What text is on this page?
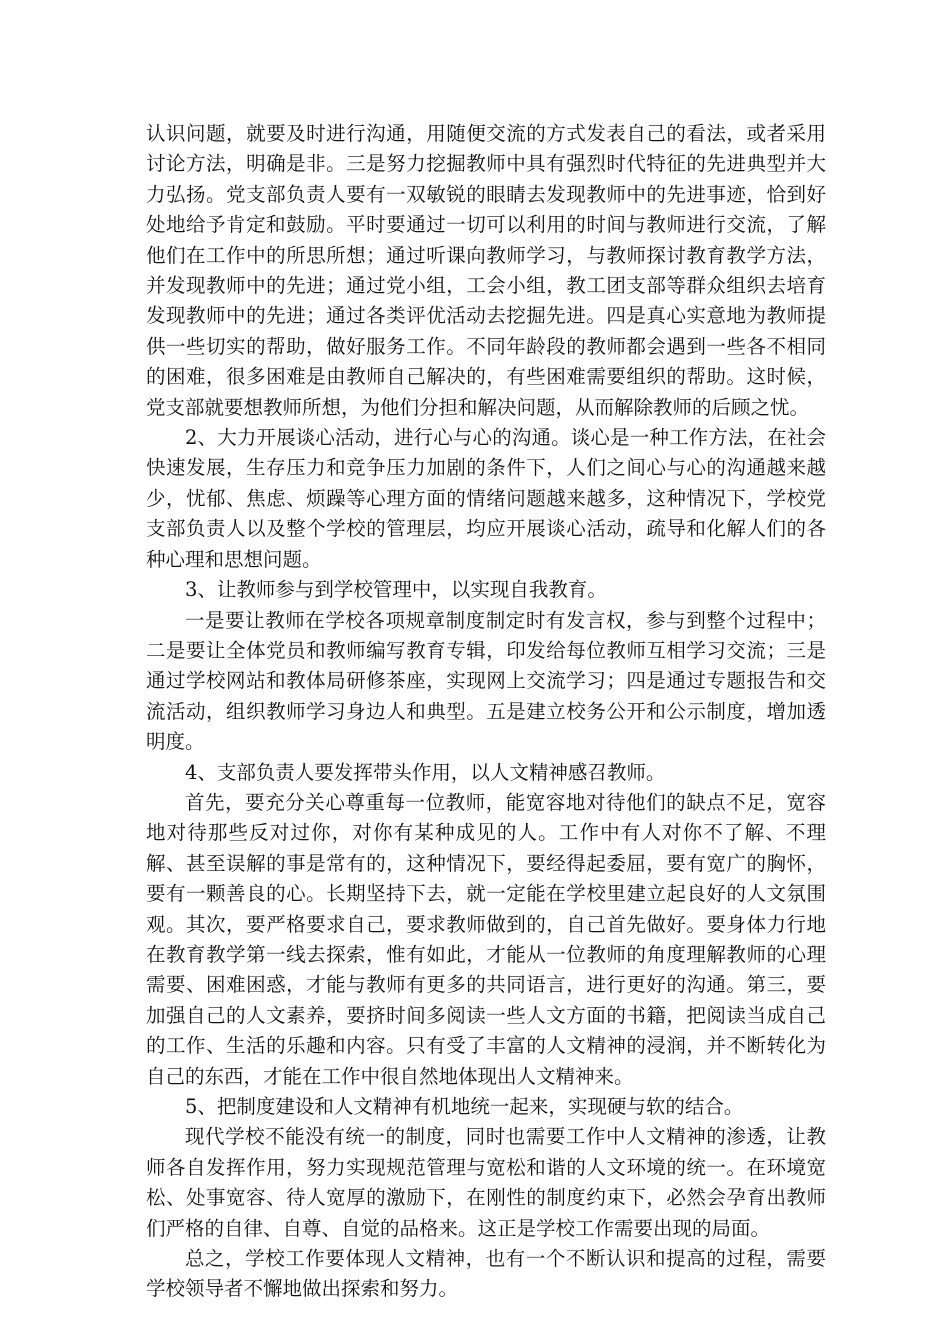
认识问题，就要及时进行沟通，用随便交流的方式发表自己的看法，或者采用讨论方法，明确是非。三是努力挖掘教师中具有强烈时代特征的先进典型并大力弘扬。党支部负责人要有一双敏锐的眼睛去发现教师中的先进事迹，恰到好处地给予肯定和鼓励。平时要通过一切可以利用的时间与教师进行交流，了解他们在工作中的所思所想；通过听课向教师学习，与教师探讨教育教学方法，并发现教师中的先进；通过党小组，工会小组，教工团支部等群众组织去培育发现教师中的先进；通过各类评优活动去挖掘先进。四是真心实意地为教师提供一些切实的帮助，做好服务工作。不同年龄段的教师都会遇到一些各不相同的困难，很多困难是由教师自己解决的，有些困难需要组织的帮助。这时候，党支部就要想教师所想，为他们分担和解决问题，从而解除教师的后顾之忧。

2、大力开展谈心活动，进行心与心的沟通。谈心是一种工作方法，在社会快速发展，生存压力和竞争压力加剧的条件下，人们之间心与心的沟通越来越少，忧郁、焦虑、烦躁等心理方面的情绪问题越来越多，这种情况下，学校党支部负责人以及整个学校的管理层，均应开展谈心活动，疏导和化解人们的各种心理和思想问题。

3、让教师参与到学校管理中，以实现自我教育。

一是要让教师在学校各项规章制度制定时有发言权，参与到整个过程中；二是要让全体党员和教师编写教育专辑，印发给每位教师互相学习交流；三是通过学校网站和教体局研修茶座，实现网上交流学习；四是通过专题报告和交流活动，组织教师学习身边人和典型。五是建立校务公开和公示制度，增加透明度。

4、支部负责人要发挥带头作用，以人文精神感召教师。

首先，要充分关心尊重每一位教师，能宽容地对待他们的缺点不足，宽容地对待那些反对过你，对你有某种成见的人。工作中有人对你不了解、不理解、甚至误解的事是常有的，这种情况下，要经得起委屈，要有宽广的胸怀，要有一颗善良的心。长期坚持下去，就一定能在学校里建立起良好的人文氛围观。其次，要严格要求自己，要求教师做到的，自己首先做好。要身体力行地在教育教学第一线去探索，惟有如此，才能从一位教师的角度理解教师的心理需要、困难困惑，才能与教师有更多的共同语言，进行更好的沟通。第三，要加强自己的人文素养，要挤时间多阅读一些人文方面的书籍，把阅读当成自己的工作、生活的乐趣和内容。只有受了丰富的人文精神的浸润，并不断转化为自己的东西，才能在工作中很自然地体现出人文精神来。

5、把制度建设和人文精神有机地统一起来，实现硬与软的结合。

现代学校不能没有统一的制度，同时也需要工作中人文精神的渗透，让教师各自发挥作用，努力实现规范管理与宽松和谐的人文环境的统一。在环境宽松、处事宽容、待人宽厚的激励下，在刚性的制度约束下，必然会孕育出教师们严格的自律、自尊、自觉的品格来。这正是学校工作需要出现的局面。

总之，学校工作要体现人文精神，也有一个不断认识和提高的过程，需要学校领导者不懈地做出探索和努力。
